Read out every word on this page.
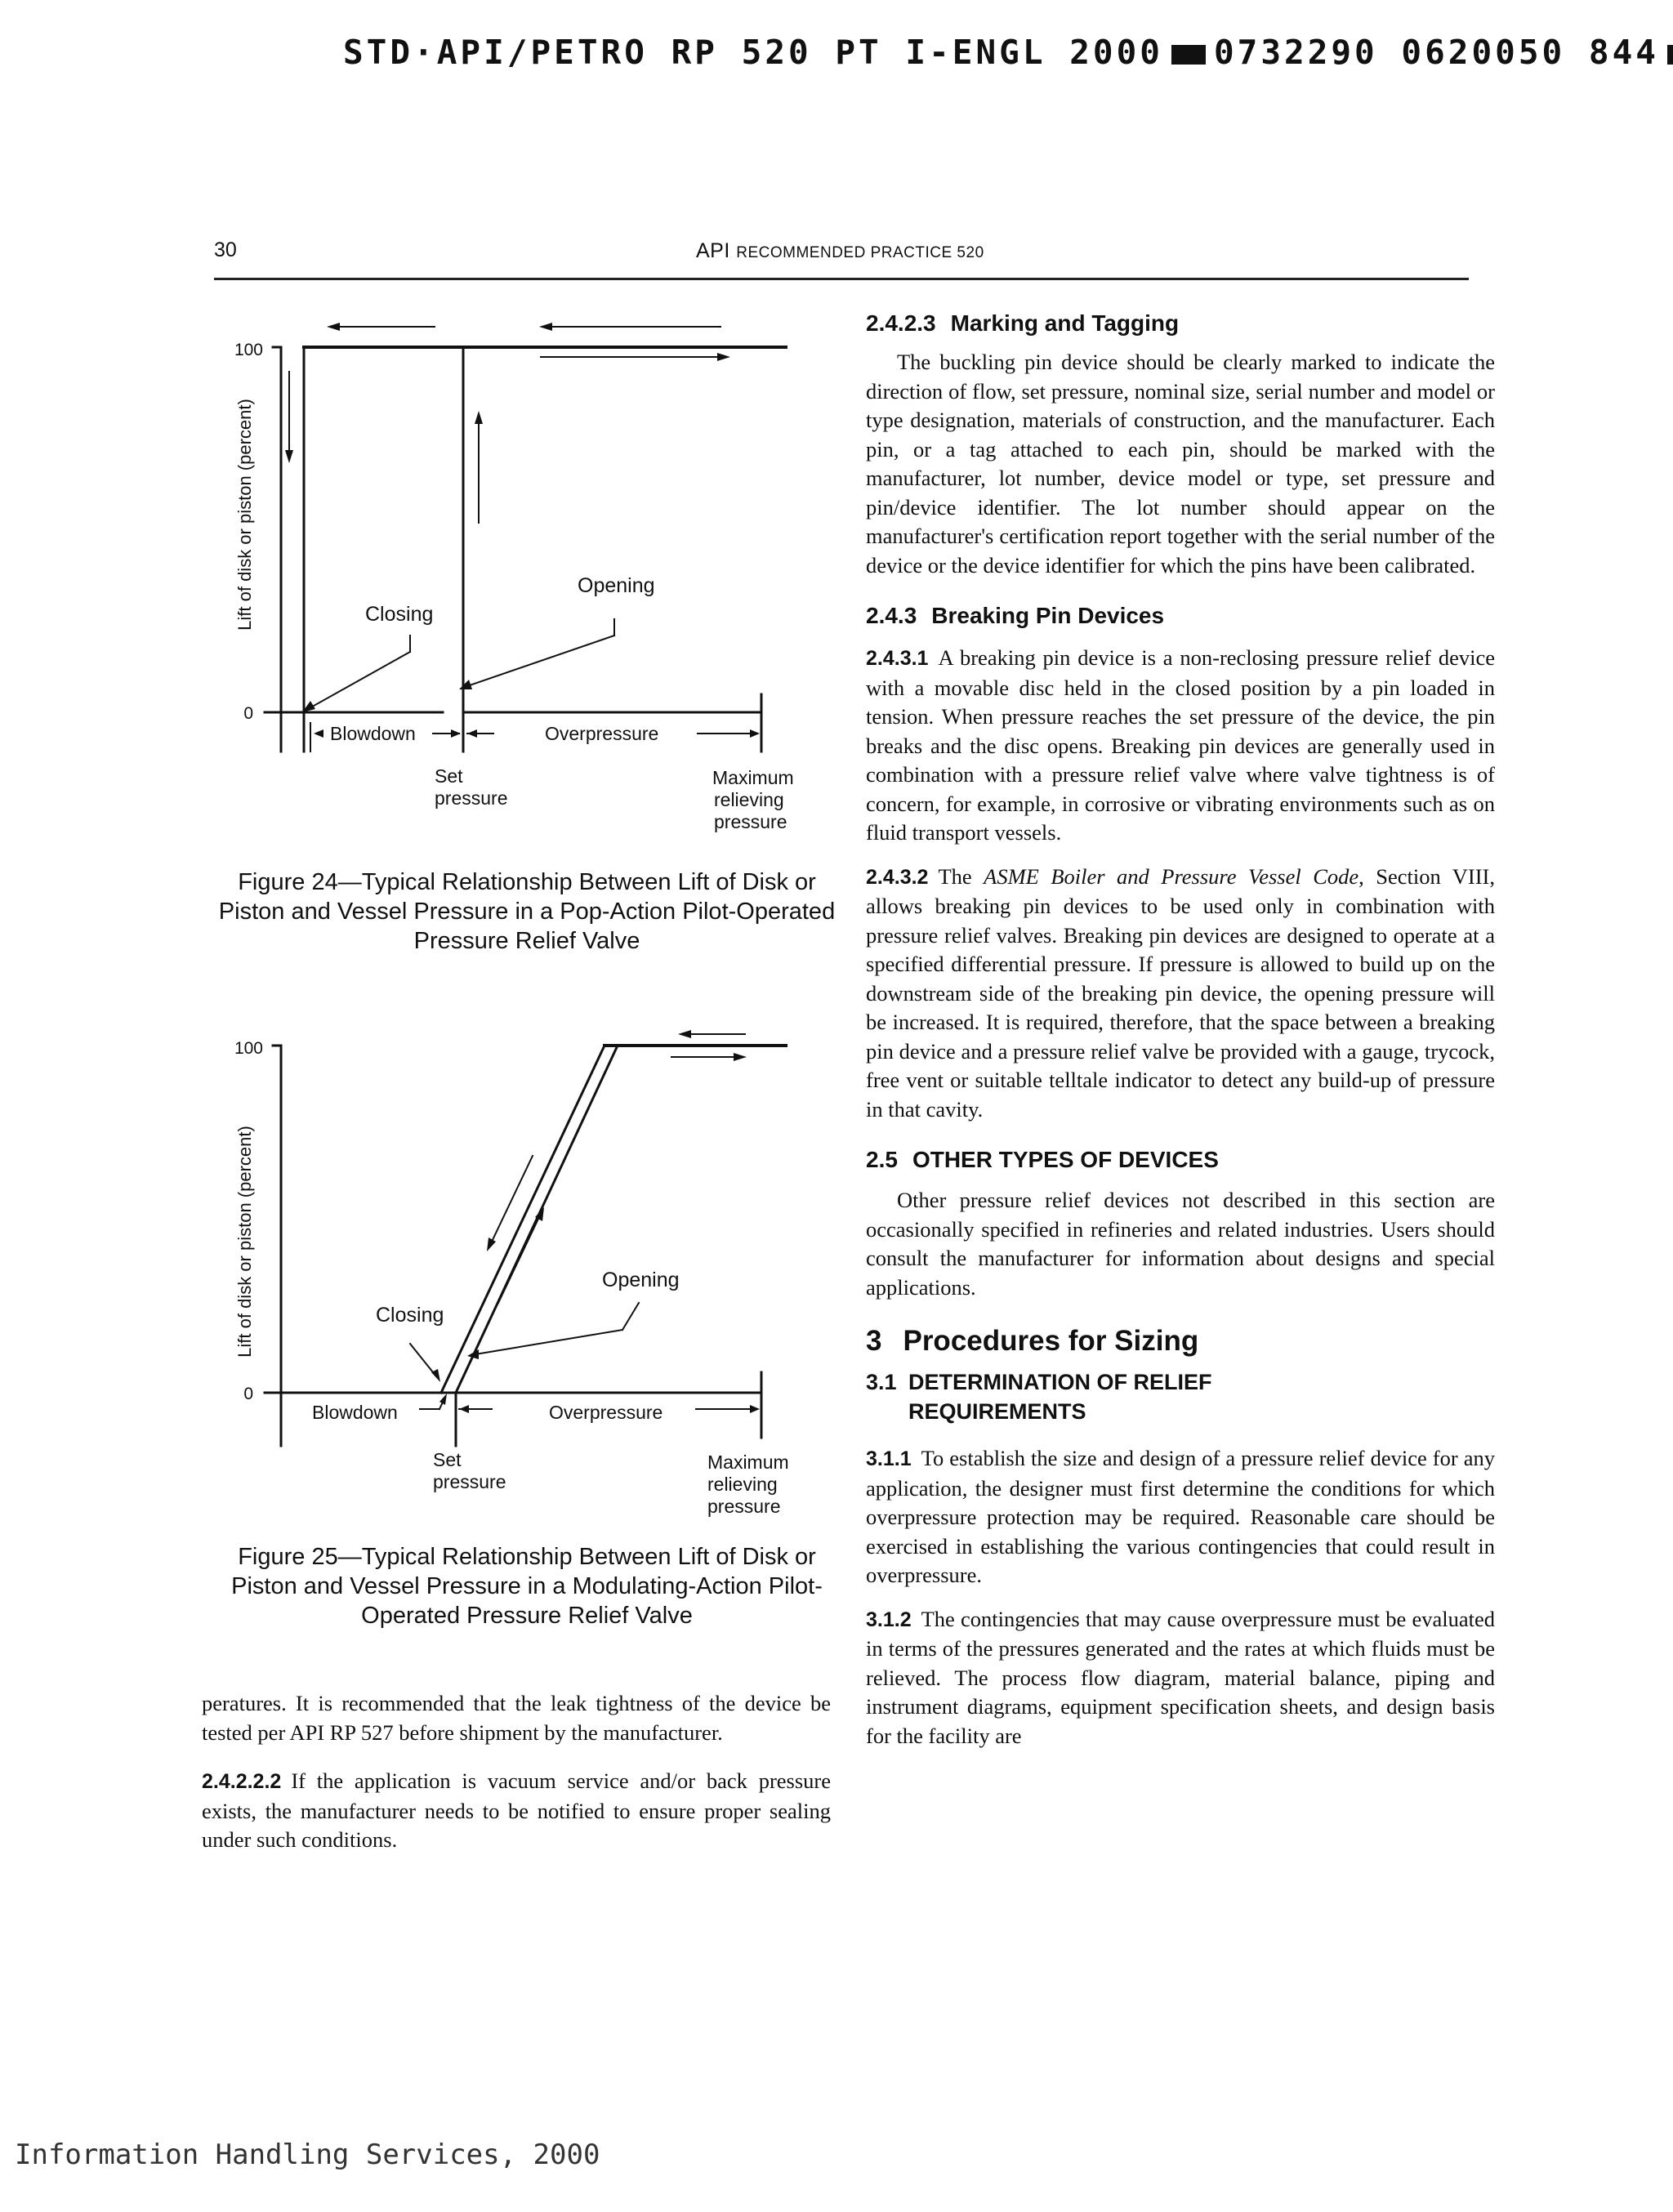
STD·API/PETRO RP 520 PT I-ENGL 2000 0732290 0620050 844
30	API RECOMMENDED PRACTICE 520
100
0
Lift of disk or piston (percent)	Closing
Opening
Blowdown	Overpressure
Set
pressure
Maximum
relieving
pressure
Figure 24—Typical Relationship Between Lift of Disk or Piston and Vessel Pressure in a Pop-Action Pilot-Operated Pressure Relief Valve
100
0
Lift of disk or piston (percent)	Closing
Opening
Blowdown	Overpressure
Set
pressure
Maximum
relieving
pressure
Figure 25—Typical Relationship Between Lift of Disk or Piston and Vessel Pressure in a Modulating-Action Pilot-Operated Pressure Relief Valve

peratures. It is recommended that the leak tightness of the device be tested per API RP 527 before shipment by the manufacturer.

2.4.2.2.2 If the application is vacuum service and/or back pressure exists, the manufacturer needs to be notified to ensure proper sealing under such conditions.

2.4.2.3 Marking and Tagging

The buckling pin device should be clearly marked to indicate the direction of flow, set pressure, nominal size, serial number and model or type designation, materials of construction, and the manufacturer. Each pin, or a tag attached to each pin, should be marked with the manufacturer, lot number, device model or type, set pressure and pin/device identifier. The lot number should appear on the manufacturer's certification report together with the serial number of the device or the device identifier for which the pins have been calibrated.

2.4.3 Breaking Pin Devices

2.4.3.1 A breaking pin device is a non-reclosing pressure relief device with a movable disc held in the closed position by a pin loaded in tension. When pressure reaches the set pressure of the device, the pin breaks and the disc opens. Breaking pin devices are generally used in combination with a pressure relief valve where valve tightness is of concern, for example, in corrosive or vibrating environments such as on fluid transport vessels.

2.4.3.2 The ASME Boiler and Pressure Vessel Code, Section VIII, allows breaking pin devices to be used only in combination with pressure relief valves. Breaking pin devices are designed to operate at a specified differential pressure. If pressure is allowed to build up on the downstream side of the breaking pin device, the opening pressure will be increased. It is required, therefore, that the space between a breaking pin device and a pressure relief valve be provided with a gauge, trycock, free vent or suitable telltale indicator to detect any build-up of pressure in that cavity.

2.5 OTHER TYPES OF DEVICES

Other pressure relief devices not described in this section are occasionally specified in refineries and related industries. Users should consult the manufacturer for information about designs and special applications.

3 Procedures for Sizing
3.1 DETERMINATION OF RELIEF
REQUIREMENTS

3.1.1 To establish the size and design of a pressure relief device for any application, the designer must first determine the conditions for which overpressure protection may be required. Reasonable care should be exercised in establishing the various contingencies that could result in overpressure.

3.1.2 The contingencies that may cause overpressure must be evaluated in terms of the pressures generated and the rates at which fluids must be relieved. The process flow diagram, material balance, piping and instrument diagrams, equipment specification sheets, and design basis for the facility are

Information Handling Services, 2000
